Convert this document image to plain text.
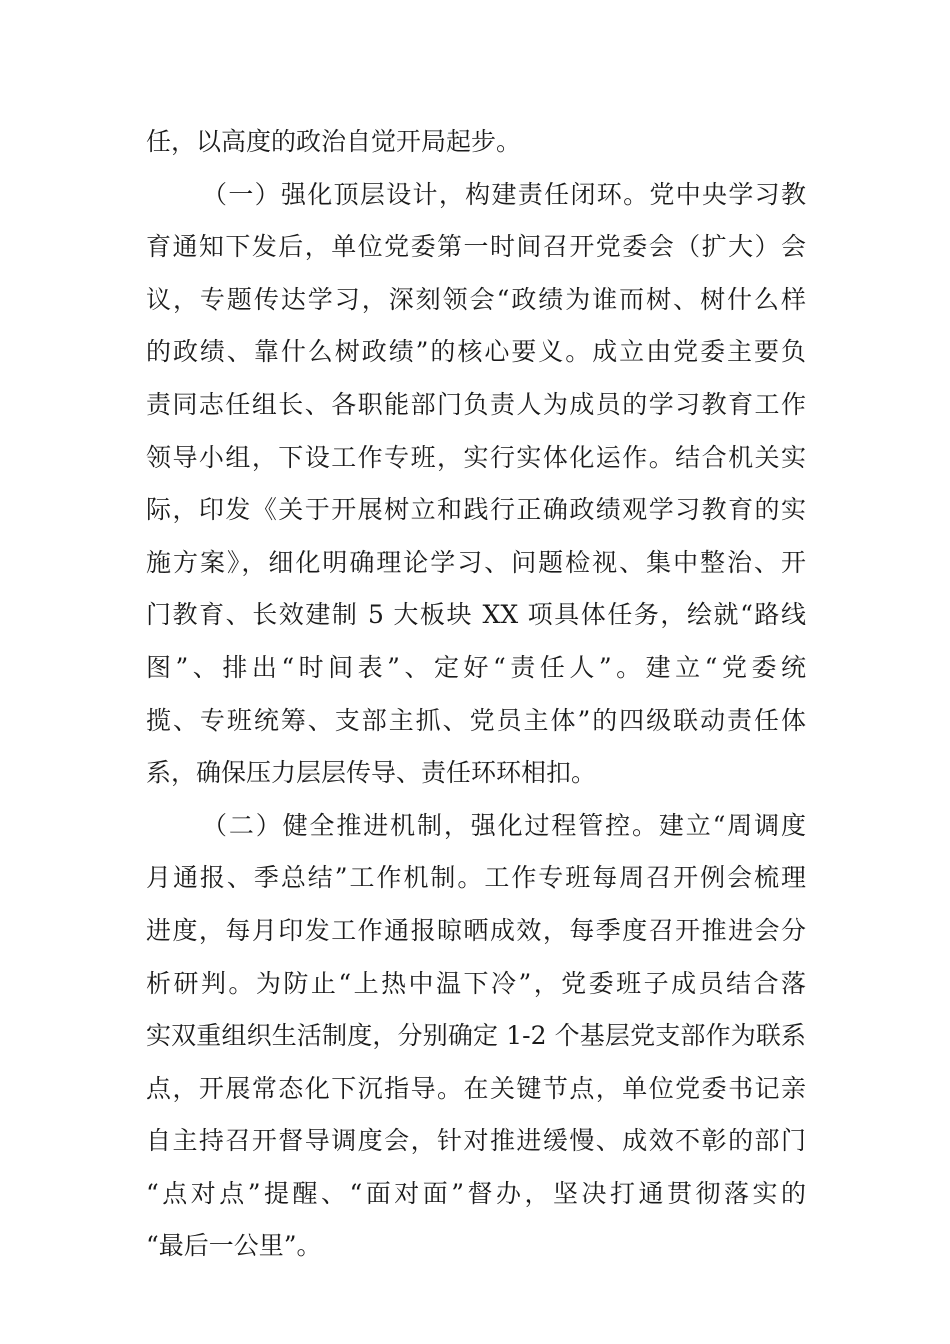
任，以高度的政治自觉开局起步。
（一）强化顶层设计，构建责任闭环。党中央学习教
育通知下发后，单位党委第一时间召开党委会（扩大）会
议，专题传达学习，深刻领会“政绩为谁而树、树什么样
的政绩、靠什么树政绩”的核心要义。成立由党委主要负
责同志任组长、各职能部门负责人为成员的学习教育工作
领导小组，下设工作专班，实行实体化运作。结合机关实
际，印发《关于开展树立和践行正确政绩观学习教育的实
施方案》，细化明确理论学习、问题检视、集中整治、开
门教育、长效建制 5 大板块 XX 项具体任务，绘就“路线
图”、排出“时间表”、定好“责任人”。建立“党委统
揽、专班统筹、支部主抓、党员主体”的四级联动责任体
系，确保压力层层传导、责任环环相扣。
（二）健全推进机制，强化过程管控。建立“周调度
月通报、季总结”工作机制。工作专班每周召开例会梳理
进度，每月印发工作通报晾晒成效，每季度召开推进会分
析研判。为防止“上热中温下冷”，党委班子成员结合落
实双重组织生活制度，分别确定 1-2 个基层党支部作为联系
点，开展常态化下沉指导。在关键节点，单位党委书记亲
自主持召开督导调度会，针对推进缓慢、成效不彰的部门
“点对点”提醒、“面对面”督办，坚决打通贯彻落实的
“最后一公里”。
